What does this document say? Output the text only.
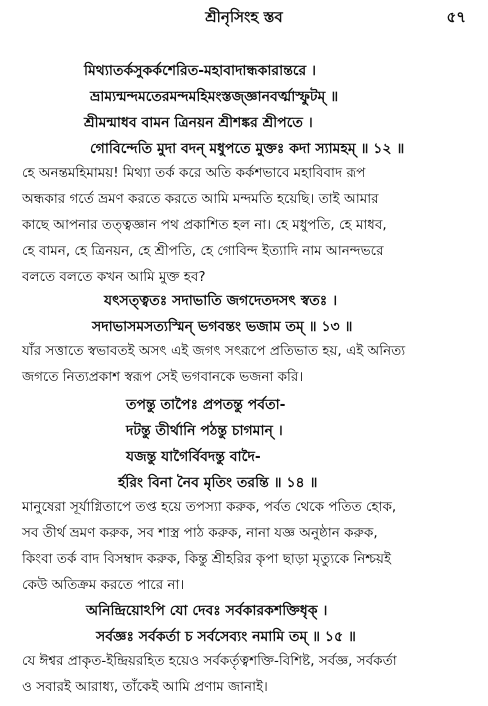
শ্রীনৃসিংহ স্তব	৫৭
মিথ্যাতর্কসুকর্কশেরিত-মহাবাদান্ধকারান্তরে ।
ভ্রাম্যন্মন্দমতেরমন্দমহিমংস্তজ্জ্ঞানবর্ত্মাস্ফুটম্ ॥
শ্রীমন্মাধব বামন ত্রিনয়ন শ্রীশঙ্কর শ্রীপতে ।
গোবিন্দেতি মুদা বদন্ মধুপতে মুক্তঃ কদা স্যামহম্ ॥ ১২ ॥
হে অনন্তমহিমাময়! মিথ্যা তর্ক করে অতি কর্কশভাবে মহাবিবাদ রূপ
অন্ধকার গর্তে ভ্রমণ করতে করতে আমি মন্দমতি হয়েছি। তাই আমার
কাছে আপনার তত্ত্বজ্ঞান পথ প্রকাশিত হল না। হে মধুপতি, হে মাধব,
হে বামন, হে ত্রিনয়ন, হে শ্রীপতি, হে গোবিন্দ ইত্যাদি নাম আনন্দভরে
বলতে বলতে কখন আমি মুক্ত হব?
যৎসত্ত্বতঃ সদাভাতি জগদেতদসৎ স্বতঃ ।
সদাভাসমসত্যস্মিন্ ভগবন্তং ভজাম তম্ ॥ ১৩ ॥
যাঁর সত্তাতে স্বভাবতই অসৎ এই জগৎ সৎরূপে প্রতিভাত হয়, এই অনিত্য
জগতে নিত্যপ্রকাশ স্বরূপ সেই ভগবানকে ভজনা করি।
তপন্তু তাপৈঃ প্রপতন্তু পর্বতা-
দটন্তু তীর্থানি পঠন্তু চাগমান্ ।
যজন্তু যাগৈর্বিবদন্তু বাদৈ-
র্হরিং বিনা নৈব মৃতিং তরন্তি ॥ ১৪ ॥
মানুষেরা সূর্যাগ্নিতাপে তপ্ত হয়ে তপস্যা করুক, পর্বত থেকে পতিত হোক,
সব তীর্থ ভ্রমণ করুক, সব শাস্ত্র পাঠ করুক, নানা যজ্ঞ অনুষ্ঠান করুক,
কিংবা তর্ক বাদ বিসম্বাদ করুক, কিন্তু শ্রীহরির কৃপা ছাড়া মৃত্যুকে নিশ্চয়ই
কেউ অতিক্রম করতে পারে না।
অনিন্দ্রিয়োঽপি যো দেবঃ সর্বকারকশক্তিধৃক্ ।
সর্বজ্ঞঃ সর্বকর্তা চ সর্বসেব্যং নমামি তম্ ॥ ১৫ ॥
যে ঈশ্বর প্রাকৃত-ইন্দ্রিয়রহিত হয়েও সর্বকর্তৃত্বশক্তি-বিশিষ্ট, সর্বজ্ঞ, সর্বকর্তা
ও সবারই আরাধ্য, তাঁকেই আমি প্রণাম জানাই।
